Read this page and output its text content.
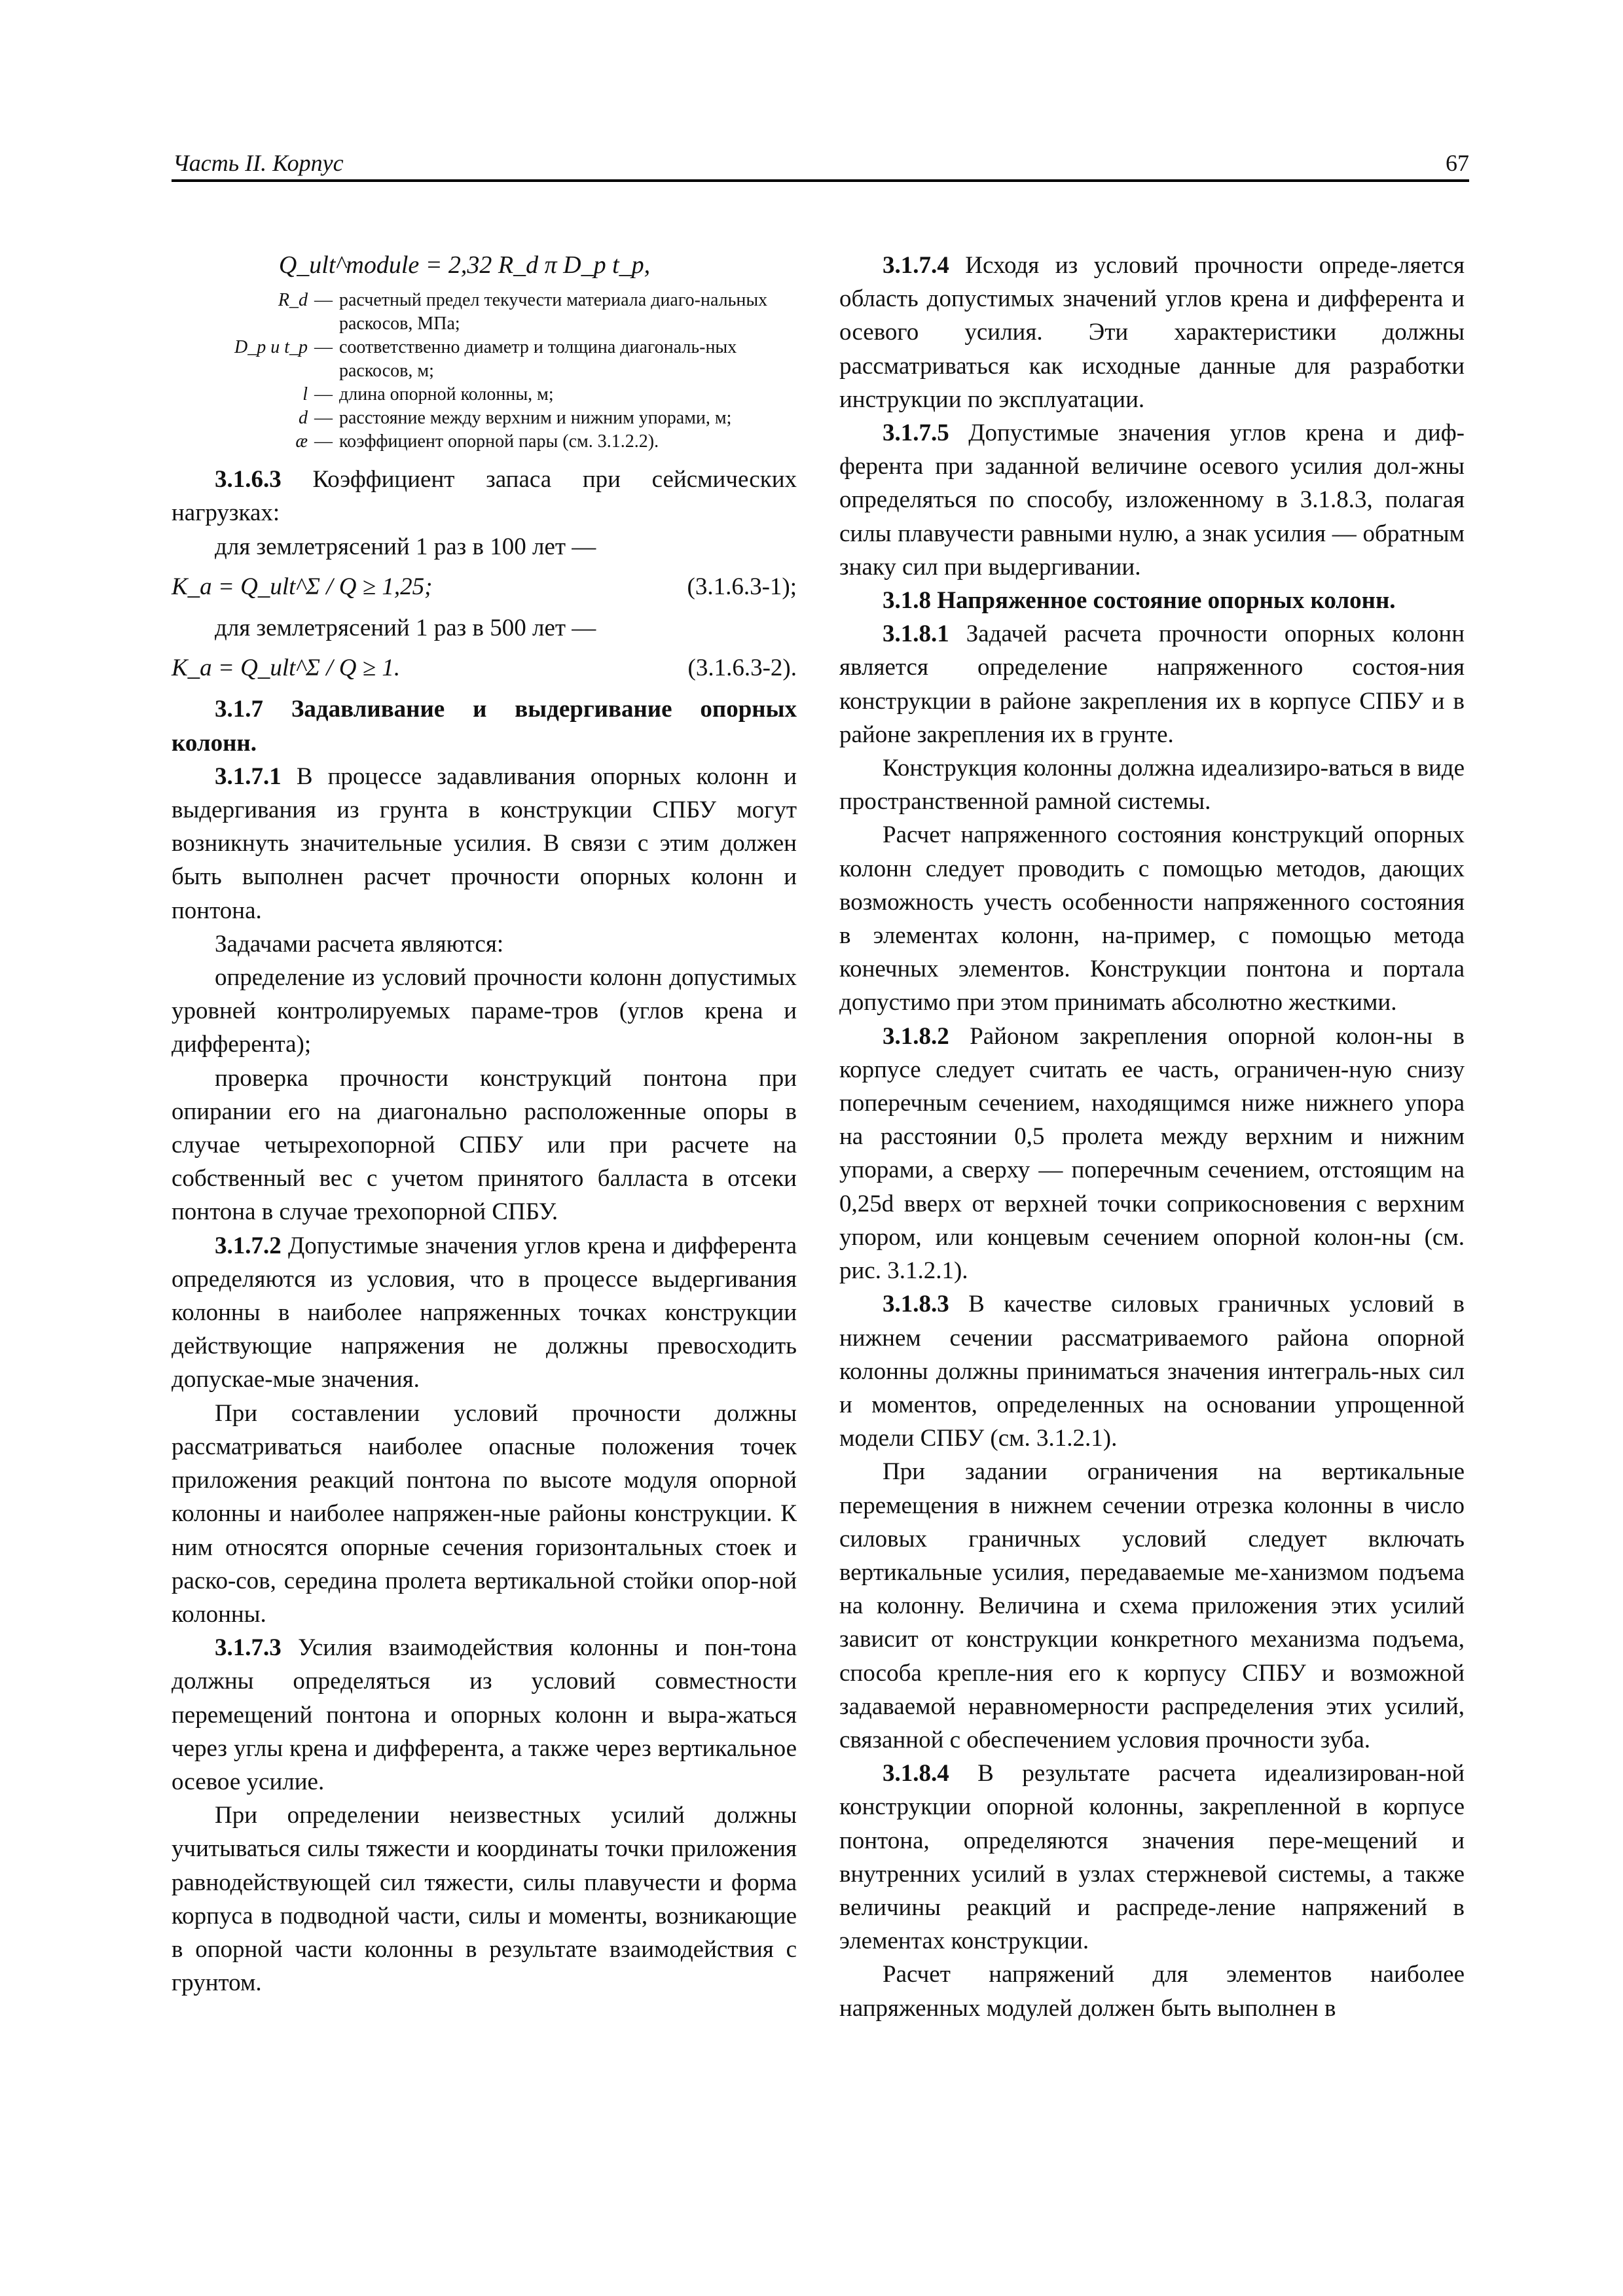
Часть II. Корпус	67

Q_ult^module = 2,32 R_d π D_p t_p,

R_d — расчетный предел текучести материала диаго-нальных раскосов, МПа;
D_p и t_p — соответственно диаметр и толщина диагональ-ных раскосов, м;
l — длина опорной колонны, м;
d — расстояние между верхним и нижним упорами, м;
æ — коэффициент опорной пары (см. 3.1.2.2).

3.1.6.3 Коэффициент запаса при сейсмических нагрузках:

для землетрясений 1 раз в 100 лет —

K_a = Q_ult^Σ / Q ≥ 1,25;	(3.1.6.3-1);

для землетрясений 1 раз в 500 лет —

K_a = Q_ult^Σ / Q ≥ 1.	(3.1.6.3-2).

3.1.7 Задавливание и выдергивание опорных колонн.

3.1.7.1 В процессе задавливания опорных колонн и выдергивания из грунта в конструкции СПБУ могут возникнуть значительные усилия. В связи с этим должен быть выполнен расчет прочности опорных колонн и понтона.

Задачами расчета являются:

определение из условий прочности колонн допустимых уровней контролируемых параме-тров (углов крена и дифферента);

проверка прочности конструкций понтона при опирании его на диагонально расположенные опоры в случае четырехопорной СПБУ или при расчете на собственный вес с учетом принятого балласта в отсеки понтона в случае трехопорной СПБУ.

3.1.7.2 Допустимые значения углов крена и дифферента определяются из условия, что в процессе выдергивания колонны в наиболее напряженных точках конструкции действующие напряжения не должны превосходить допускае-мые значения.

При составлении условий прочности должны рассматриваться наиболее опасные положения точек приложения реакций понтона по высоте модуля опорной колонны и наиболее напряжен-ные районы конструкции. К ним относятся опорные сечения горизонтальных стоек и раско-сов, середина пролета вертикальной стойки опор-ной колонны.

3.1.7.3 Усилия взаимодействия колонны и пон-тона должны определяться из условий совместности перемещений понтона и опорных колонн и выра-жаться через углы крена и дифферента, а также через вертикальное осевое усилие.

При определении неизвестных усилий должны учитываться силы тяжести и координаты точки приложения равнодействующей сил тяжести, силы плавучести и форма корпуса в подводной части, силы и моменты, возникающие в опорной части колонны в результате взаимодействия с грунтом.

3.1.7.4 Исходя из условий прочности опреде-ляется область допустимых значений углов крена и дифферента и осевого усилия. Эти характеристики должны рассматриваться как исходные данные для разработки инструкции по эксплуатации.

3.1.7.5 Допустимые значения углов крена и диф-ферента при заданной величине осевого усилия дол-жны определяться по способу, изложенному в 3.1.8.3, полагая силы плавучести равными нулю, а знак усилия — обратным знаку сил при выдергивании.

3.1.8 Напряженное состояние опорных колонн.

3.1.8.1 Задачей расчета прочности опорных колонн является определение напряженного состоя-ния конструкции в районе закрепления их в корпусе СПБУ и в районе закрепления их в грунте.

Конструкция колонны должна идеализиро-ваться в виде пространственной рамной системы.

Расчет напряженного состояния конструкций опорных колонн следует проводить с помощью методов, дающих возможность учесть особенности напряженного состояния в элементах колонн, на-пример, с помощью метода конечных элементов. Конструкции понтона и портала допустимо при этом принимать абсолютно жесткими.

3.1.8.2 Районом закрепления опорной колон-ны в корпусе следует считать ее часть, ограничен-ную снизу поперечным сечением, находящимся ниже нижнего упора на расстоянии 0,5 пролета между верхним и нижним упорами, а сверху — поперечным сечением, отстоящим на 0,25d вверх от верхней точки соприкосновения с верхним упором, или концевым сечением опорной колон-ны (см. рис. 3.1.2.1).

3.1.8.3 В качестве силовых граничных условий в нижнем сечении рассматриваемого района опорной колонны должны приниматься значения интеграль-ных сил и моментов, определенных на основании упрощенной модели СПБУ (см. 3.1.2.1).

При задании ограничения на вертикальные перемещения в нижнем сечении отрезка колонны в число силовых граничных условий следует включать вертикальные усилия, передаваемые ме-ханизмом подъема на колонну. Величина и схема приложения этих усилий зависит от конструкции конкретного механизма подъема, способа крепле-ния его к корпусу СПБУ и возможной задаваемой неравномерности распределения этих усилий, связанной с обеспечением условия прочности зуба.

3.1.8.4 В результате расчета идеализирован-ной конструкции опорной колонны, закрепленной в корпусе понтона, определяются значения пере-мещений и внутренних усилий в узлах стержневой системы, а также величины реакций и распреде-ление напряжений в элементах конструкции.

Расчет напряжений для элементов наиболее напряженных модулей должен быть выполнен в
